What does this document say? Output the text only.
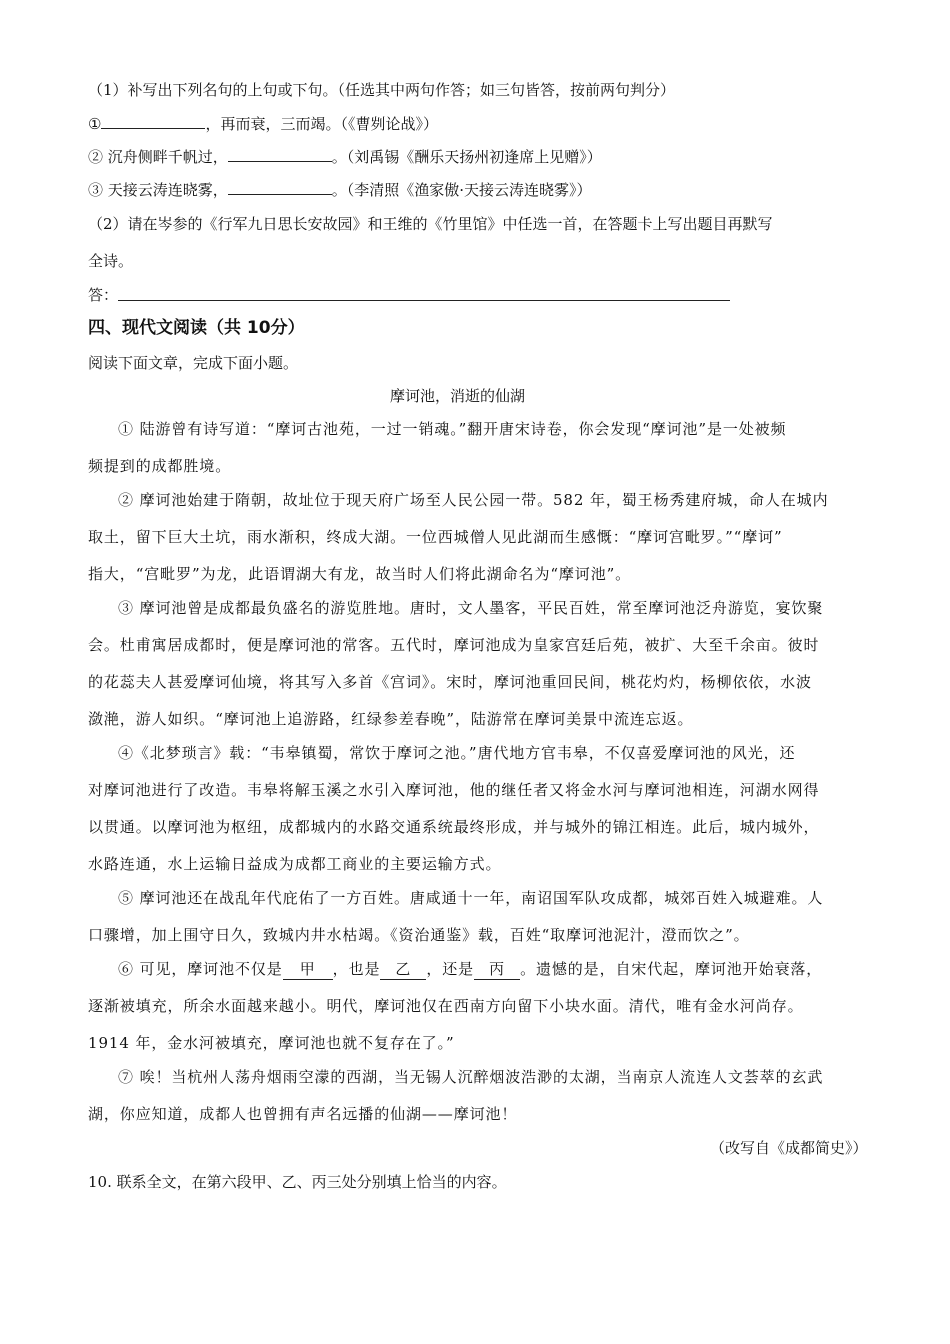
（1）补写出下列名句的上句或下句。（任选其中两句作答；如三句皆答，按前两句判分）
①	，再而衰，三而竭。（《曹刿论战》）
② 沉舟侧畔千帆过，	。（刘禹锡《酬乐天扬州初逢席上见赠》）
③ 天接云涛连晓雾，	。（李清照《渔家傲·天接云涛连晓雾》）
（2）请在岑参的《行军九日思长安故园》和王维的《竹里馆》中任选一首，在答题卡上写出题目再默写
全诗。
答：
四、现代文阅读（共 10分）
阅读下面文章，完成下面小题。
摩诃池，消逝的仙湖
① 陆游曾有诗写道：“摩诃古池苑，一过一销魂。”翻开唐宋诗卷，你会发现“摩诃池”是一处被频
频提到的成都胜境。
② 摩诃池始建于隋朝，故址位于现天府广场至人民公园一带。582 年，蜀王杨秀建府城，命人在城内
取土，留下巨大土坑，雨水渐积，终成大湖。一位西城僧人见此湖而生感慨：“摩诃宫毗罗。”“摩诃”
指大，“宫毗罗”为龙，此语谓湖大有龙，故当时人们将此湖命名为“摩诃池”。
③ 摩诃池曾是成都最负盛名的游览胜地。唐时，文人墨客，平民百姓，常至摩诃池泛舟游览，宴饮聚
会。杜甫寓居成都时，便是摩诃池的常客。五代时，摩诃池成为皇家宫廷后苑，被扩、大至千余亩。彼时
的花蕊夫人甚爱摩诃仙境，将其写入多首《宫词》。宋时，摩诃池重回民间，桃花灼灼，杨柳依依，水波
潋滟，游人如织。“摩诃池上追游路，红绿参差春晚”，陆游常在摩诃美景中流连忘返。
④《北梦琐言》载：“韦皋镇蜀，常饮于摩诃之池。”唐代地方官韦皋，不仅喜爱摩诃池的风光，还
对摩诃池进行了改造。韦皋将解玉溪之水引入摩诃池，他的继任者又将金水河与摩诃池相连，河湖水网得
以贯通。以摩诃池为枢纽，成都城内的水路交通系统最终形成，并与城外的锦江相连。此后，城内城外，
水路连通，水上运输日益成为成都工商业的主要运输方式。
⑤ 摩诃池还在战乱年代庇佑了一方百姓。唐咸通十一年，南诏国军队攻成都，城郊百姓入城避难。人
口骤增，加上围守日久，致城内井水枯竭。《资治通鉴》载，百姓“取摩诃池泥汁，澄而饮之”。
⑥ 可见，摩诃池不仅是 甲 ，也是 乙 ，还是 丙 。遗憾的是，自宋代起，摩诃池开始衰落，
逐渐被填充，所余水面越来越小。明代，摩诃池仅在西南方向留下小块水面。清代，唯有金水河尚存。
1914 年，金水河被填充，摩诃池也就不复存在了。”
⑦ 唉！当杭州人荡舟烟雨空濛的西湖，当无锡人沉醉烟波浩渺的太湖，当南京人流连人文荟萃的玄武
湖，你应知道，成都人也曾拥有声名远播的仙湖——摩诃池！
（改写自《成都简史》）
10. 联系全文，在第六段甲、乙、丙三处分别填上恰当的内容。
